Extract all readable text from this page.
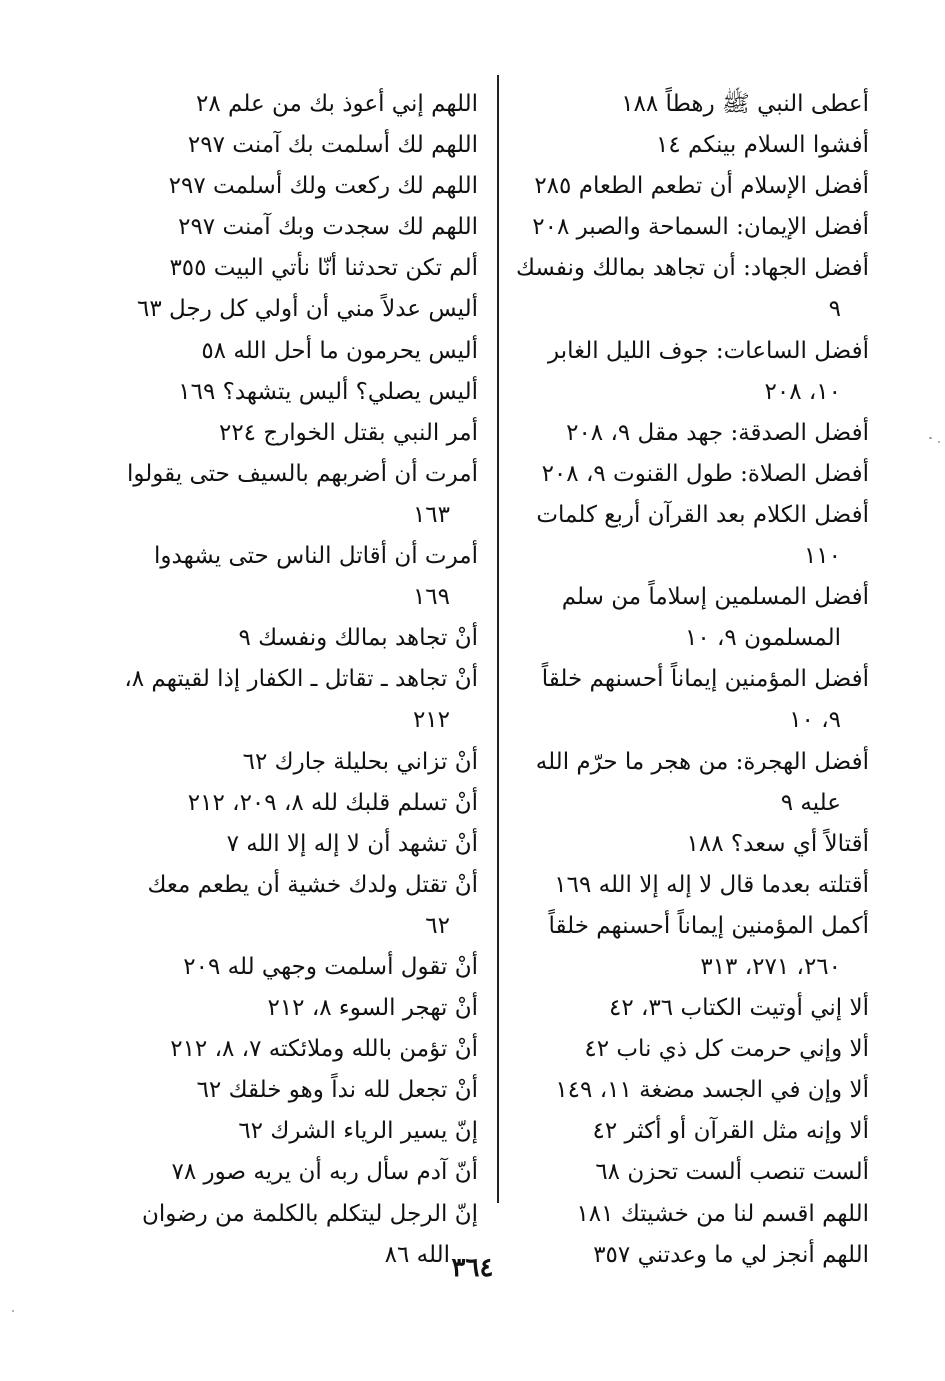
أعطى النبي ﷺ رهطاً ١٨٨

أفشوا السلام بينكم ١٤

أفضل الإسلام أن تطعم الطعام ٢٨٥

أفضل الإيمان: السماحة والصبر ٢٠٨

أفضل الجهاد: أن تجاهد بمالك ونفسك ٩

أفضل الساعات: جوف الليل الغابر ١٠، ٢٠٨

أفضل الصدقة: جهد مقل ٩، ٢٠٨

أفضل الصلاة: طول القنوت ٩، ٢٠٨

أفضل الكلام بعد القرآن أربع كلمات ١١٠

أفضل المسلمين إسلاماً من سلم المسلمون ٩، ١٠

أفضل المؤمنين إيماناً أحسنهم خلقاً ٩، ١٠

أفضل الهجرة: من هجر ما حرّم الله عليه ٩

أقتالاً أي سعد؟ ١٨٨

أقتلته بعدما قال لا إله إلا الله ١٦٩

أكمل المؤمنين إيماناً أحسنهم خلقاً ٢٦٠، ٢٧١، ٣١٣

ألا إني أوتيت الكتاب ٣٦، ٤٢

ألا وإني حرمت كل ذي ناب ٤٢

ألا وإن في الجسد مضغة ١١، ١٤٩

ألا وإنه مثل القرآن أو أكثر ٤٢

ألست تنصب ألست تحزن ٦٨

اللهم اقسم لنا من خشيتك ١٨١

اللهم أنجز لي ما وعدتني ٣٥٧

اللهم إني أعوذ بك من علم ٢٨

اللهم لك أسلمت بك آمنت ٢٩٧

اللهم لك ركعت ولك أسلمت ٢٩٧

اللهم لك سجدت وبك آمنت ٢٩٧

ألم تكن تحدثنا أنّا نأتي البيت ٣٥٥

أليس عدلاً مني أن أولي كل رجل ٦٣

أليس يحرمون ما أحل الله ٥٨

أليس يصلي؟ أليس يتشهد؟ ١٦٩

أمر النبي بقتل الخوارج ٢٢٤

أمرت أن أضربهم بالسيف حتى يقولوا ١٦٣

أمرت أن أقاتل الناس حتى يشهدوا ١٦٩

أنْ تجاهد بمالك ونفسك ٩

أنْ تجاهد ـ تقاتل ـ الكفار إذا لقيتهم ٨، ٢١٢

أنْ تزاني بحليلة جارك ٦٢

أنْ تسلم قلبك لله ٨، ٢٠٩، ٢١٢

أنْ تشهد أن لا إله إلا الله ٧

أنْ تقتل ولدك خشية أن يطعم معك ٦٢

أنْ تقول أسلمت وجهي لله ٢٠٩

أنْ تهجر السوء ٨، ٢١٢

أنْ تؤمن بالله وملائكته ٧، ٨، ٢١٢

أنْ تجعل لله نداً وهو خلقك ٦٢

إنّ يسير الرياء الشرك ٦٢

أنّ آدم سأل ربه أن يريه صور ٧٨

إنّ الرجل ليتكلم بالكلمة من رضوان الله ٨٦ ٣٦٤
